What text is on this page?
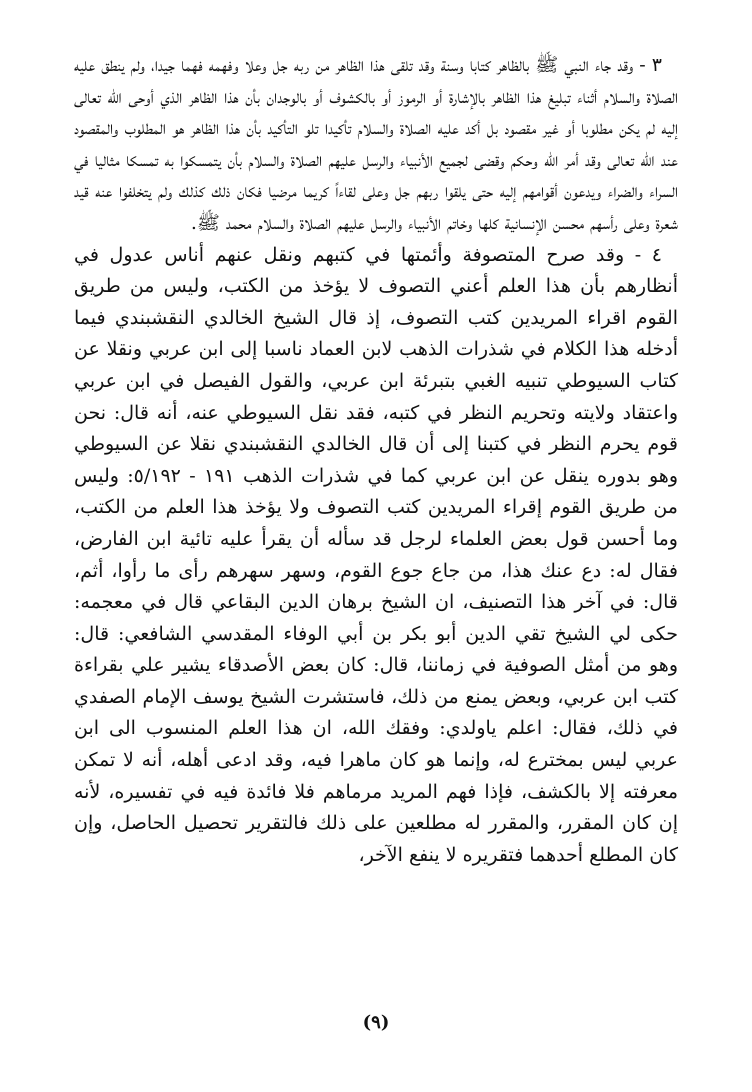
٣ - وقد جاء النبي ﷺ بالظاهر كتابا وسنة وقد تلقى هذا الظاهر من ربه جل وعلا وفهمه فهما جيدا، ولم ينطق عليه الصلاة والسلام أثناء تبليغ هذا الظاهر بالإشارة أو الرموز أو بالكشوف أو بالوجدان بأن هذا الظاهر الذي أوحى الله تعالى إليه لم يكن مطلوبا أو غير مقصود بل أكد عليه الصلاة والسلام تأكيدا تلو التأكيد بأن هذا الظاهر هو المطلوب والمقصود عند الله تعالى وقد أمر الله وحكم وقضى لجميع الأنبياء والرسل عليهم الصلاة والسلام بأن يتمسكوا به تمسكا مثاليا في السراء والضراء ويدعون أقوامهم إليه حتى يلقوا ربهم جل وعلى لقاءاً كريما مرضيا فكان ذلك كذلك ولم يتخلفوا عنه قيد شعرة وعلى رأسهم محسن الإنسانية كلها وخاتم الأنبياء والرسل عليهم الصلاة والسلام محمد ﷺ.

٤ - وقد صرح المتصوفة وأئمتها في كتبهم ونقل عنهم أناس عدول في أنظارهم بأن هذا العلم أعني التصوف لا يؤخذ من الكتب، وليس من طريق القوم اقراء المريدين كتب التصوف، إذ قال الشيخ الخالدي النقشبندي فيما أدخله هذا الكلام في شذرات الذهب لابن العماد ناسبا إلى ابن عربي ونقلا عن كتاب السيوطي تنبيه الغبي بتبرئة ابن عربي، والقول الفيصل في ابن عربي واعتقاد ولايته وتحريم النظر في كتبه، فقد نقل السيوطي عنه، أنه قال: نحن قوم يحرم النظر في كتبنا إلى أن قال الخالدي النقشبندي نقلا عن السيوطي وهو بدوره ينقل عن ابن عربي كما في شذرات الذهب ١٩١ - ٥/١٩٢: وليس من طريق القوم إقراء المريدين كتب التصوف ولا يؤخذ هذا العلم من الكتب، وما أحسن قول بعض العلماء لرجل قد سأله أن يقرأ عليه تائية ابن الفارض، فقال له: دع عنك هذا، من جاع جوع القوم، وسهر سهرهم رأى ما رأوا، أثم، قال: في آخر هذا التصنيف، ان الشيخ برهان الدين البقاعي قال في معجمه: حكى لي الشيخ تقي الدين أبو بكر بن أبي الوفاء المقدسي الشافعي: قال: وهو من أمثل الصوفية في زماننا، قال: كان بعض الأصدقاء يشير علي بقراءة كتب ابن عربي، وبعض يمنع من ذلك، فاستشرت الشيخ يوسف الإمام الصفدي في ذلك، فقال: اعلم ياولدي: وفقك الله، ان هذا العلم المنسوب الى ابن عربي ليس بمخترع له، وإنما هو كان ماهرا فيه، وقد ادعى أهله، أنه لا تمكن معرفته إلا بالكشف، فإذا فهم المريد مرماهم فلا فائدة فيه في تفسيره، لأنه إن كان المقرر، والمقرر له مطلعين على ذلك فالتقرير تحصيل الحاصل، وإن كان المطلع أحدهما فتقريره لا ينفع الآخر،

(٩)
